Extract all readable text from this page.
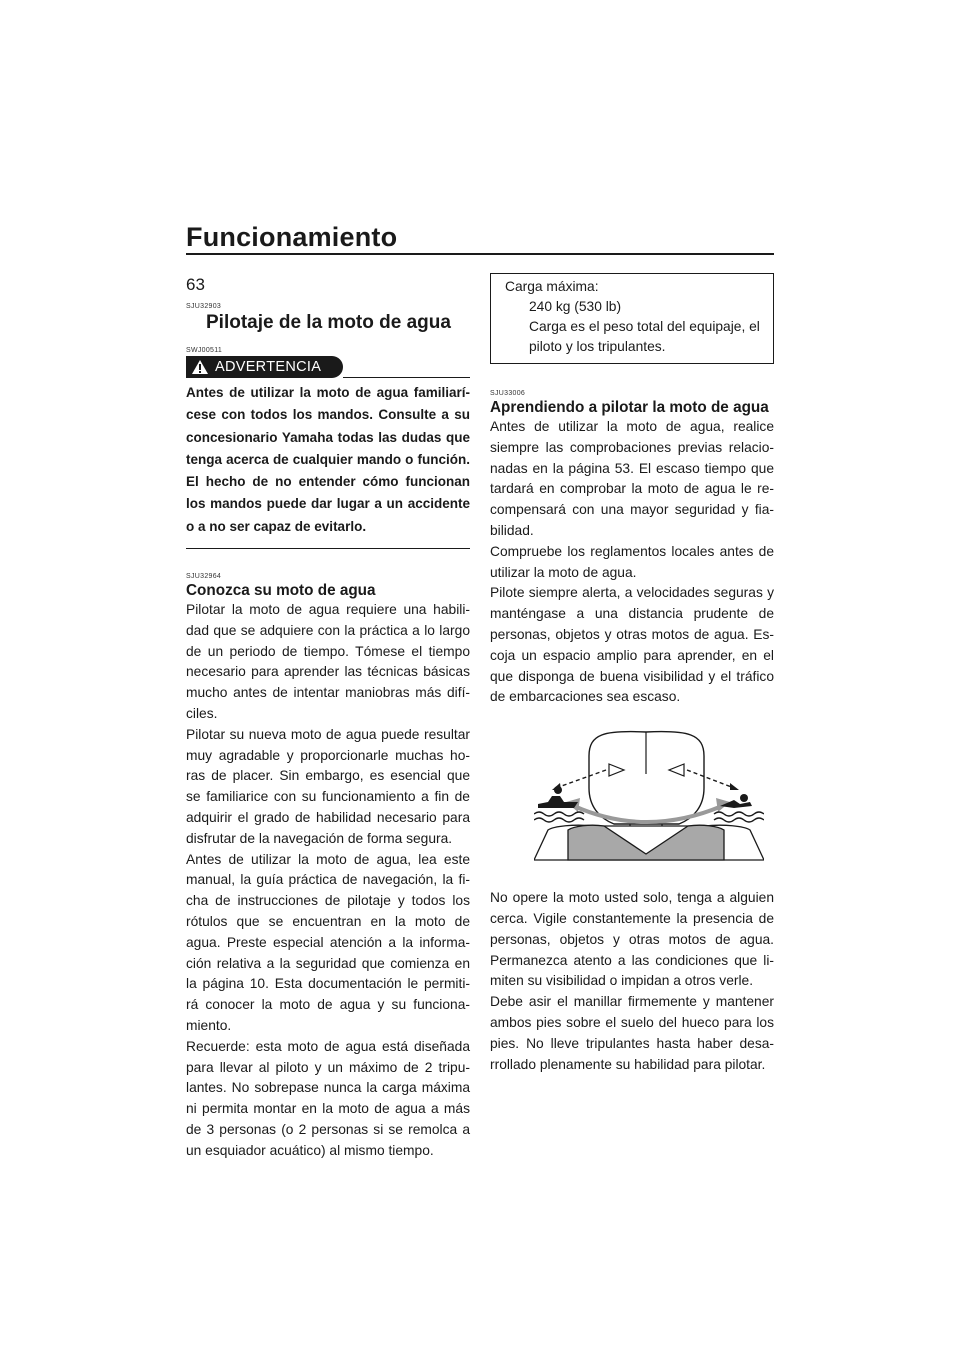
Funcionamiento
63
SJU32903
Pilotaje de la moto de agua
SWJ00511
ADVERTENCIA
Antes de utilizar la moto de agua familiarí-cese con todos los mandos. Consulte a su concesionario Yamaha todas las dudas que tenga acerca de cualquier mando o función. El hecho de no entender cómo funcionan los mandos puede dar lugar a un accidente o a no ser capaz de evitarlo.
SJU32964
Conozca su moto de agua

Pilotar la moto de agua requiere una habili-dad que se adquiere con la práctica a lo largo de un periodo de tiempo. Tómese el tiempo necesario para aprender las técnicas básicas mucho antes de intentar maniobras más difí-ciles.

Pilotar su nueva moto de agua puede resultar muy agradable y proporcionarle muchas ho-ras de placer. Sin embargo, es esencial que se familiarice con su funcionamiento a fin de adquirir el grado de habilidad necesario para disfrutar de la navegación de forma segura.

Antes de utilizar la moto de agua, lea este manual, la guía práctica de navegación, la fi-cha de instrucciones de pilotaje y todos los rótulos que se encuentran en la moto de agua. Preste especial atención a la informa-ción relativa a la seguridad que comienza en la página 10. Esta documentación le permiti-rá conocer la moto de agua y su funciona-miento.

Recuerde: esta moto de agua está diseñada para llevar al piloto y un máximo de 2 tripu-lantes. No sobrepase nunca la carga máxima ni permita montar en la moto de agua a más de 3 personas (o 2 personas si se remolca a un esquiador acuático) al mismo tiempo.

Carga máxima:
240 kg (530 lb)
Carga es el peso total del equipaje, el piloto y los tripulantes.
SJU33006
Aprendiendo a pilotar la moto de agua

Antes de utilizar la moto de agua, realice siempre las comprobaciones previas relacio-nadas en la página 53. El escaso tiempo que tardará en comprobar la moto de agua le re-compensará con una mayor seguridad y fia-bilidad.

Compruebe los reglamentos locales antes de utilizar la moto de agua.

Pilote siempre alerta, a velocidades seguras y manténgase a una distancia prudente de personas, objetos y otras motos de agua. Es-coja un espacio amplio para aprender, en el que disponga de buena visibilidad y el tráfico de embarcaciones sea escaso.

No opere la moto usted solo, tenga a alguien cerca. Vigile constantemente la presencia de personas, objetos y otras motos de agua. Permanezca atento a las condiciones que li-miten su visibilidad o impidan a otros verle.

Debe asir el manillar firmemente y mantener ambos pies sobre el suelo del hueco para los pies. No lleve tripulantes hasta haber desa-rrollado plenamente su habilidad para pilotar.
